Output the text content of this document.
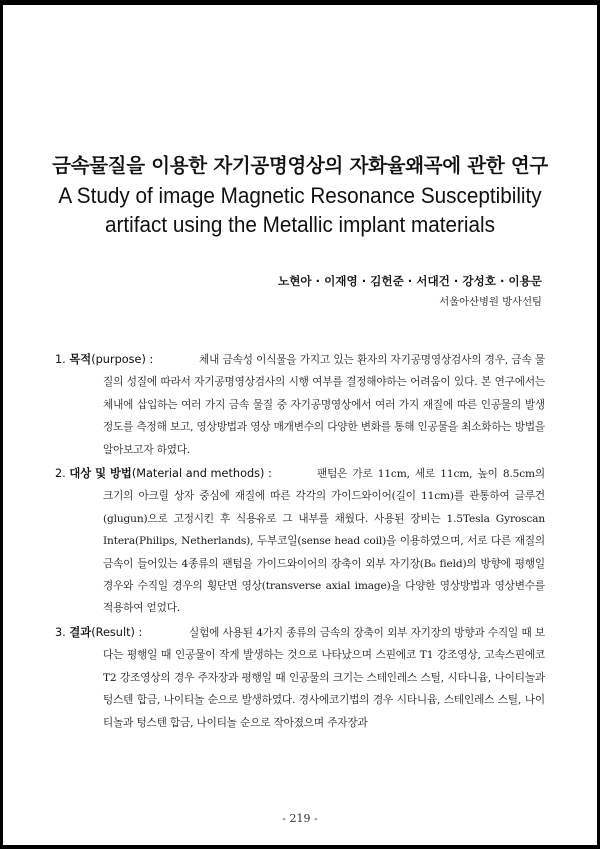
금속물질을 이용한 자기공명영상의 자화율왜곡에 관한 연구
A Study of image Magnetic Resonance Susceptibility
artifact using the Metallic implant materials
노현아 · 이재영 · 김헌준 · 서대건 · 강성호 · 이용문
서울아산병원 방사선팀
1. 목적(purpose) :	체내 금속성 이식물을 가지고 있는 환자의 자기공명영상검사의 경우, 금속 물질의 성질에 따라서 자기공명영상검사의 시행 여부를 결정해야하는 어려움이 있다. 본 연구에서는 체내에 삽입하는 여러 가지 금속 물질 중 자기공명영상에서 여러 가지 재질에 따른 인공물의 발생 정도를 측정해 보고, 영상방법과 영상 매개변수의 다양한 변화를 통해 인공물을 최소화하는 방법을 알아보고자 하였다.
2. 대상 및 방법(Material and methods) :	팬텀은 가로 11cm, 세로 11cm, 높이 8.5cm의 크기의 아크릴 상자 중심에 재질에 따른 각각의 가이드와이어(길이 11cm)를 관통하여 글루건(glugun)으로 고정시킨 후 식용유로 그 내부를 채웠다. 사용된 장비는 1.5Tesla Gyroscan Intera(Philips, Netherlands), 두부코일(sense head coil)을 이용하였으며, 서로 다른 재질의 금속이 들어있는 4종류의 팬텀을 가이드와이어의 장축이 외부 자기장(B₀ field)의 방향에 평행일 경우와 수직일 경우의 횡단면 영상(transverse axial image)을 다양한 영상방법과 영상변수를 적용하여 얻었다.
3. 결과(Result) :	실험에 사용된 4가지 종류의 금속의 장축이 외부 자기장의 방향과 수직일 때 보다는 평행일 때 인공물이 작게 발생하는 것으로 나타났으며 스핀에코 T1 강조영상, 고속스핀에코 T2 강조영상의 경우 주자장과 평행일 때 인공물의 크기는 스테인레스 스틸, 시타니윰, 나이티놀과 텅스텐 합금, 나이티놀 순으로 발생하였다. 경사에코기법의 경우 시타니윰, 스테인레스 스틸, 나이티놀과 텅스텐 합금, 나이티놀 순으로 작아졌으며 주자장과
- 219 -
